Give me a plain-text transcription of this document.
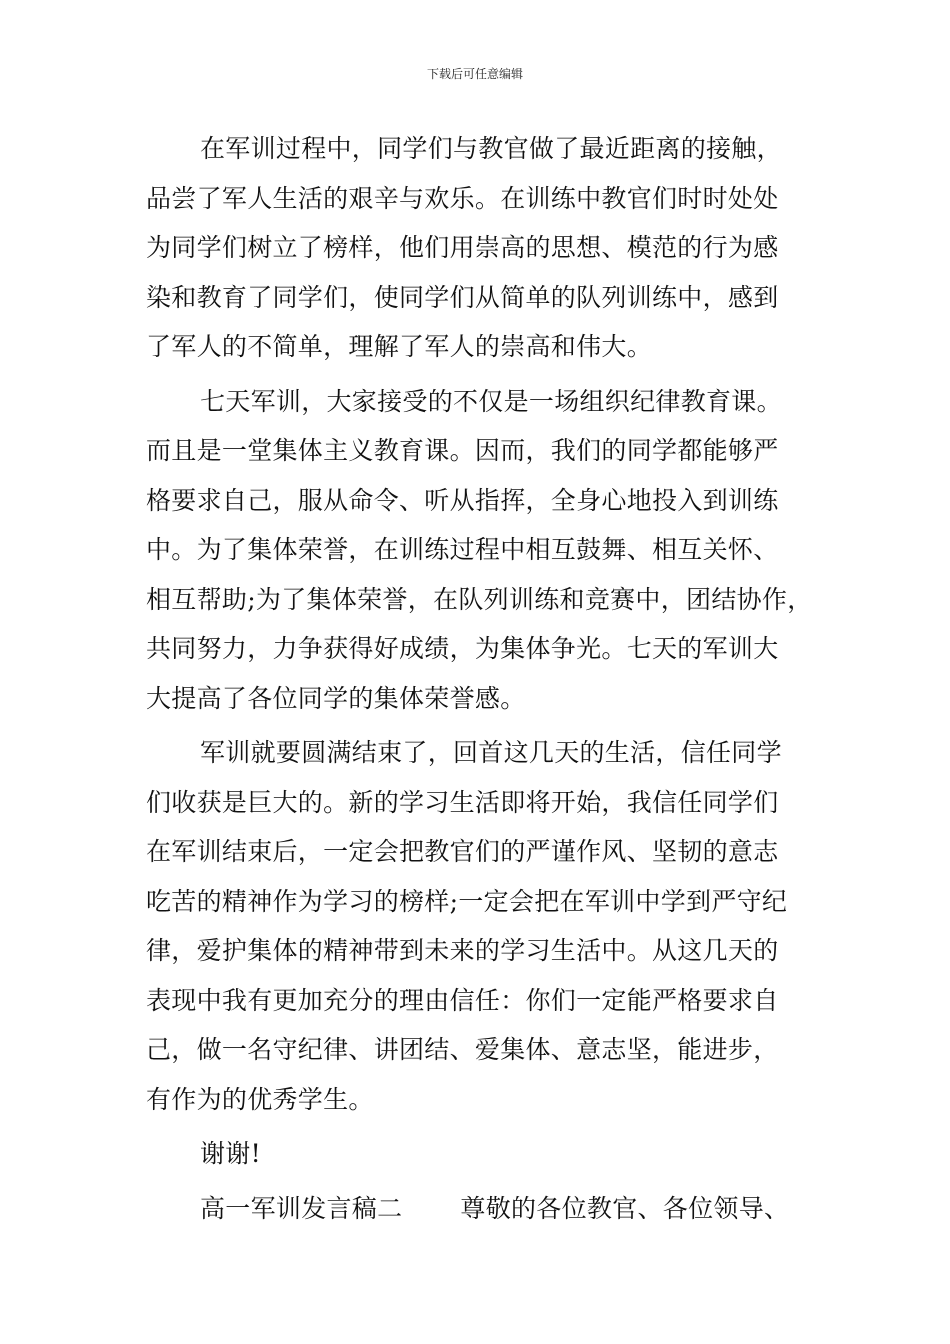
下载后可任意编辑
在军训过程中，同学们与教官做了最近距离的接触，
品尝了军人生活的艰辛与欢乐。在训练中教官们时时处处
为同学们树立了榜样，他们用崇高的思想、模范的行为感
染和教育了同学们，使同学们从简单的队列训练中，感到
了军人的不简单，理解了军人的崇高和伟大。
七天军训，大家接受的不仅是一场组织纪律教育课。
而且是一堂集体主义教育课。因而，我们的同学都能够严
格要求自己，服从命令、听从指挥，全身心地投入到训练
中。为了集体荣誉，在训练过程中相互鼓舞、相互关怀、
相互帮助;为了集体荣誉，在队列训练和竞赛中，团结协作，
共同努力，力争获得好成绩，为集体争光。七天的军训大
大提高了各位同学的集体荣誉感。
军训就要圆满结束了，回首这几天的生活，信任同学
们收获是巨大的。新的学习生活即将开始，我信任同学们
在军训结束后，一定会把教官们的严谨作风、坚韧的意志
吃苦的精神作为学习的榜样;一定会把在军训中学到严守纪
律，爱护集体的精神带到未来的学习生活中。从这几天的
表现中我有更加充分的理由信任：你们一定能严格要求自
己，做一名守纪律、讲团结、爱集体、意志坚，能进步，
有作为的优秀学生。
谢谢!
高一军训发言稿二 尊敬的各位教官、各位领导、
